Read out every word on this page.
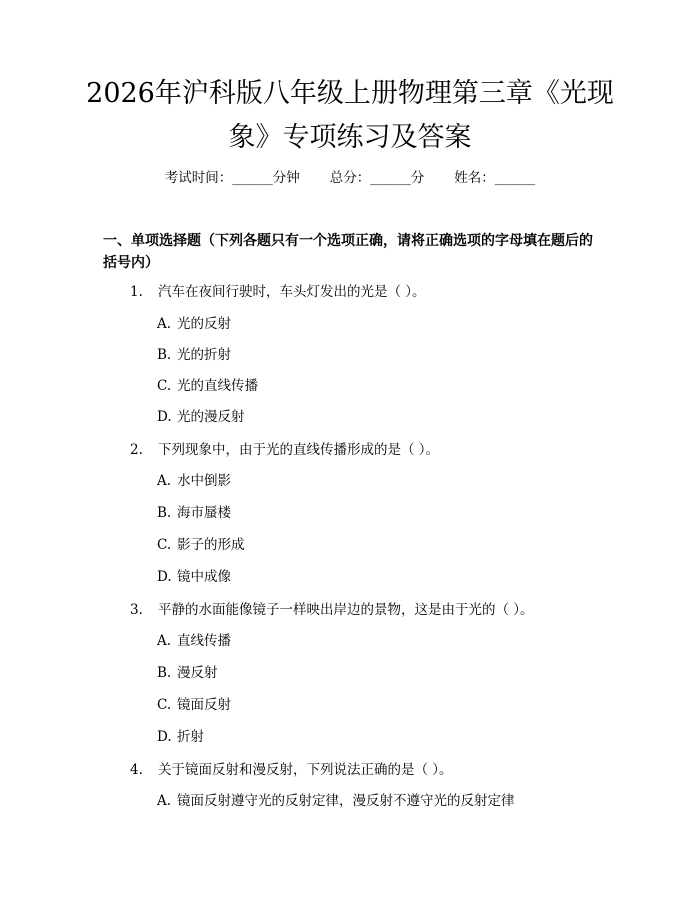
2026年沪科版八年级上册物理第三章《光现
象》专项练习及答案
考试时间：______分钟 总分：______分 姓名：______
一、单项选择题（下列各题只有一个选项正确，请将正确选项的字母填在题后的括号内）
1. 汽车在夜间行驶时，车头灯发出的光是（ ）。
A. 光的反射
B. 光的折射
C. 光的直线传播
D. 光的漫反射
2. 下列现象中，由于光的直线传播形成的是（ ）。
A. 水中倒影
B. 海市蜃楼
C. 影子的形成
D. 镜中成像
3. 平静的水面能像镜子一样映出岸边的景物，这是由于光的（ ）。
A. 直线传播
B. 漫反射
C. 镜面反射
D. 折射
4. 关于镜面反射和漫反射，下列说法正确的是（ ）。
A. 镜面反射遵守光的反射定律，漫反射不遵守光的反射定律
